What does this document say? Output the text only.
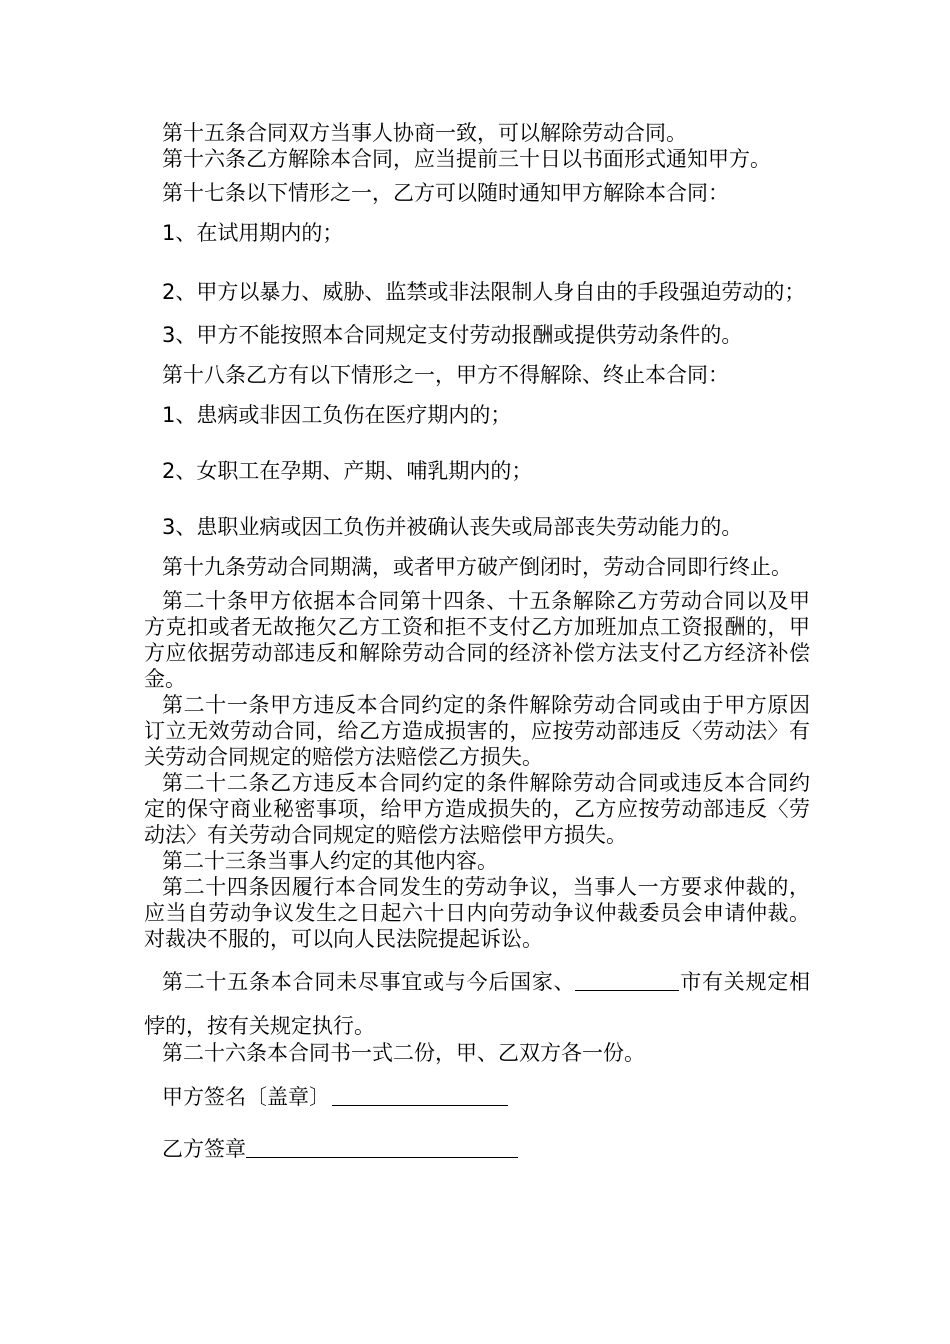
第十五条合同双方当事人协商一致，可以解除劳动合同。

第十六条乙方解除本合同，应当提前三十日以书面形式通知甲方。

第十七条以下情形之一，乙方可以随时通知甲方解除本合同：

1、在试用期内的；

2、甲方以暴力、威胁、监禁或非法限制人身自由的手段强迫劳动的；

3、甲方不能按照本合同规定支付劳动报酬或提供劳动条件的。

第十八条乙方有以下情形之一，甲方不得解除、终止本合同：

1、患病或非因工负伤在医疗期内的；

2、女职工在孕期、产期、哺乳期内的；

3、患职业病或因工负伤并被确认丧失或局部丧失劳动能力的。

第十九条劳动合同期满，或者甲方破产倒闭时，劳动合同即行终止。

第二十条甲方依据本合同第十四条、十五条解除乙方劳动合同以及甲方克扣或者无故拖欠乙方工资和拒不支付乙方加班加点工资报酬的，甲方应依据劳动部违反和解除劳动合同的经济补偿方法支付乙方经济补偿金。

第二十一条甲方违反本合同约定的条件解除劳动合同或由于甲方原因订立无效劳动合同，给乙方造成损害的，应按劳动部违反〈劳动法〉有关劳动合同规定的赔偿方法赔偿乙方损失。

第二十二条乙方违反本合同约定的条件解除劳动合同或违反本合同约定的保守商业秘密事项，给甲方造成损失的，乙方应按劳动部违反〈劳动法〉有关劳动合同规定的赔偿方法赔偿甲方损失。

第二十三条当事人约定的其他内容。

第二十四条因履行本合同发生的劳动争议，当事人一方要求仲裁的，应当自劳动争议发生之日起六十日内向劳动争议仲裁委员会申请仲裁。对裁决不服的，可以向人民法院提起诉讼。

第二十五条本合同未尽事宜或与今后国家、	市有关规定相悖的，按有关规定执行。

第二十六条本合同书一式二份，甲、乙双方各一份。

甲方签名〔盖章〕

乙方签章
